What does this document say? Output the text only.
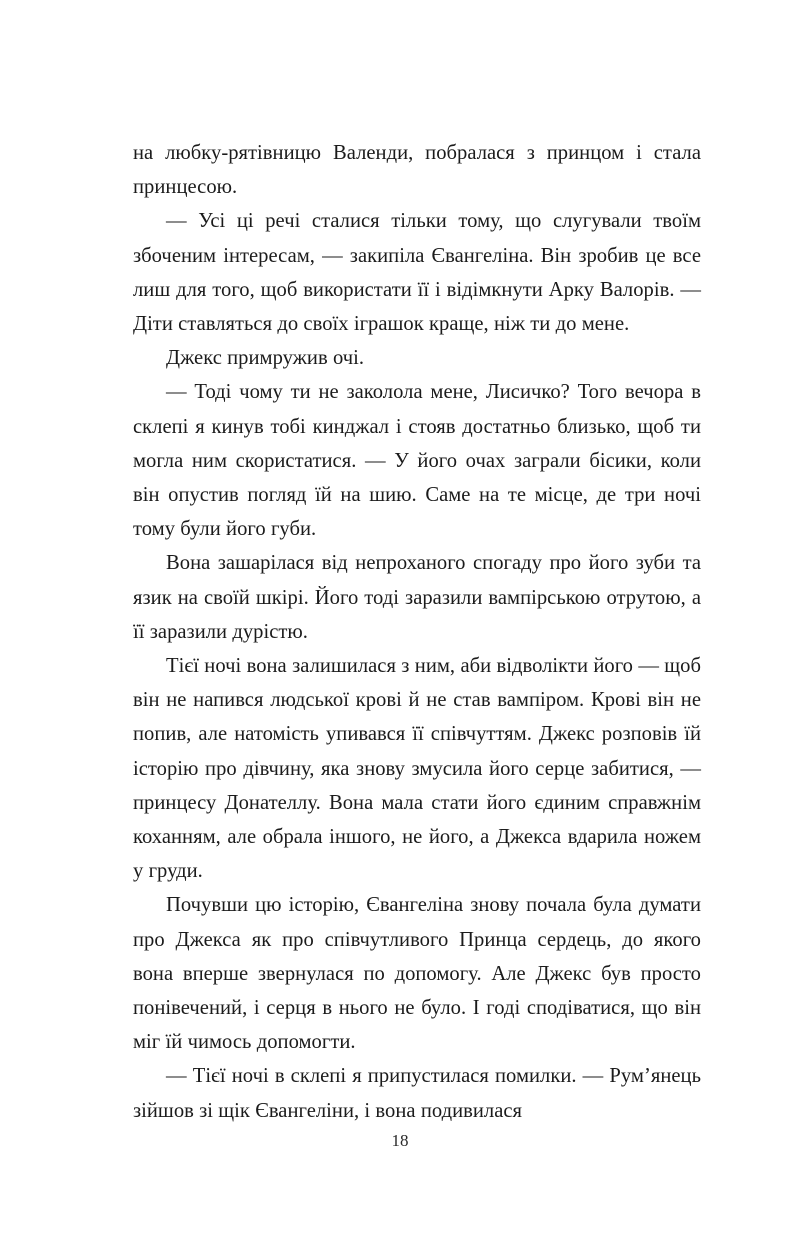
на любку-рятівницю Валенди, побралася з принцом і стала принцесою.

— Усі ці речі сталися тільки тому, що слугували твоїм збоченим інтересам, — закипіла Євангеліна. Він зробив це все лиш для того, щоб використати її і відімкнути Арку Валорів. — Діти ставляться до своїх іграшок краще, ніж ти до мене.

Джекс примружив очі.

— Тоді чому ти не заколола мене, Лисичко? Того вечора в склепі я кинув тобі кинджал і стояв достатньо близько, щоб ти могла ним скористатися. — У його очах заграли бісики, коли він опустив погляд їй на шию. Саме на те місце, де три ночі тому були його губи.

Вона зашарілася від непроханого спогаду про його зуби та язик на своїй шкірі. Його тоді заразили вампірською отрутою, а її заразили дурістю.

Тієї ночі вона залишилася з ним, аби відволікти його — щоб він не напився людської крові й не став вампіром. Крові він не попив, але натомість упивався її співчуттям. Джекс розповів їй історію про дівчину, яка знову змусила його серце забитися, — принцесу Донателлу. Вона мала стати його єдиним справжнім коханням, але обрала іншого, не його, а Джекса вдарила ножем у груди.

Почувши цю історію, Євангеліна знову почала була думати про Джекса як про співчутливого Принца сердець, до якого вона вперше звернулася по допомогу. Але Джекс був просто понівечений, і серця в нього не було. І годі сподіватися, що він міг їй чимось допомогти.

— Тієї ночі в склепі я припустилася помилки. — Рум’янець зійшов зі щік Євангеліни, і вона подивилася

18
